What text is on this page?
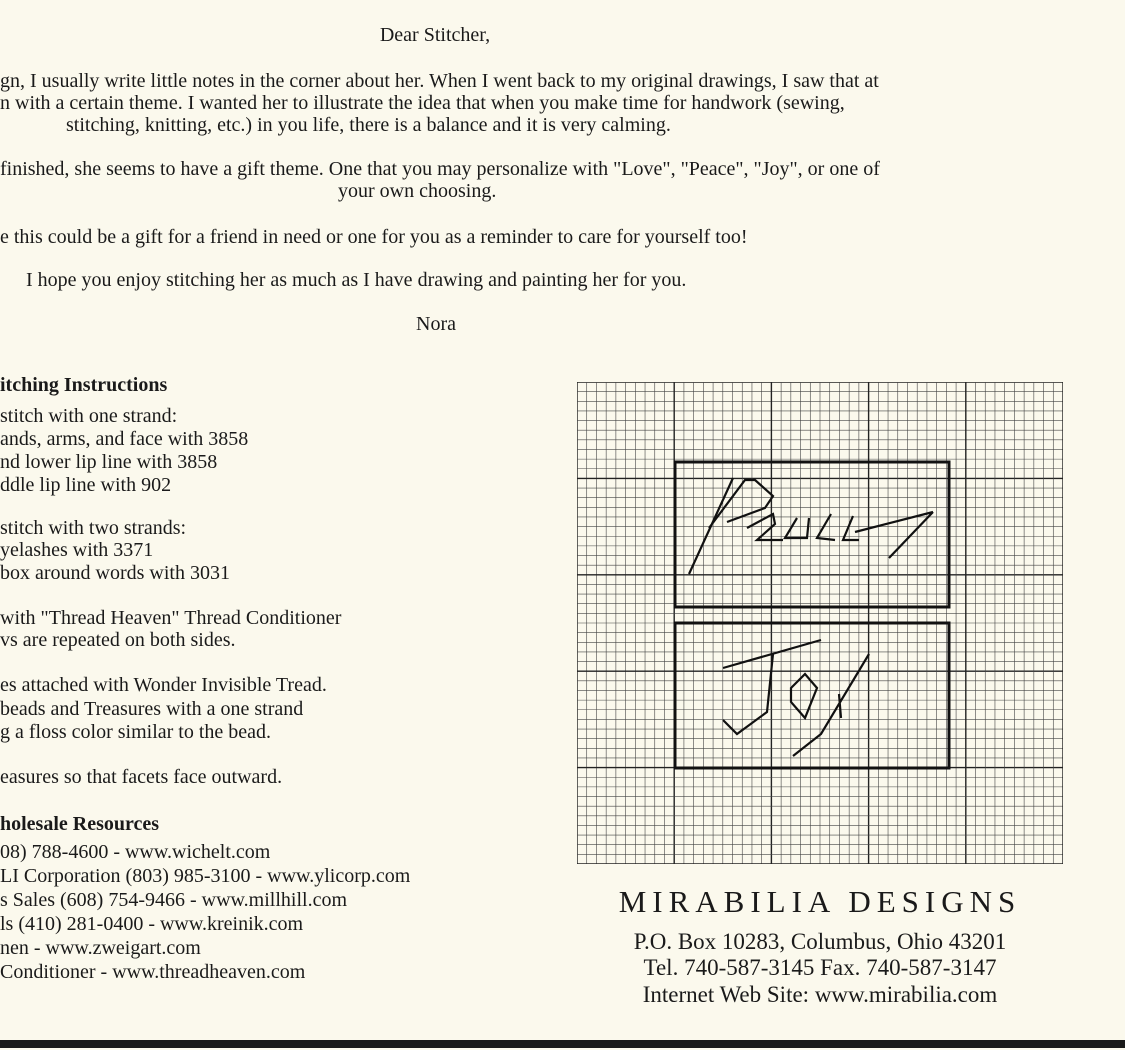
Dear Stitcher,
gn, I usually write little notes in the corner about her. When I went back to my original drawings, I saw that at
n with a certain theme. I wanted her to illustrate the idea that when you make time for handwork (sewing,
stitching, knitting, etc.) in you life, there is a balance and it is very calming.
finished, she seems to have a gift theme. One that you may personalize with "Love", "Peace", "Joy", or one of
your own choosing.
e this could be a gift for a friend in need or one for you as a reminder to care for yourself too!
I hope you enjoy stitching her as much as I have drawing and painting her for you.
Nora
itching Instructions
stitch with one strand:
ands, arms, and face with 3858
nd lower lip line with 3858
ddle lip line with 902
stitch with two strands:
yelashes with 3371
box around words with 3031
with "Thread Heaven" Thread Conditioner
vs are repeated on both sides.
es attached with Wonder Invisible Tread.
beads and Treasures with a one strand
g a floss color similar to the bead.
easures so that facets face outward.
holesale Resources
08) 788-4600 - www.wichelt.com
LI Corporation (803) 985-3100 - www.ylicorp.com
s Sales (608) 754-9466 - www.millhill.com
ls (410) 281-0400 - www.kreinik.com
nen - www.zweigart.com
Conditioner - www.threadheaven.com
MIRABILIA DESIGNS
P.O. Box 10283, Columbus, Ohio 43201
Tel. 740-587-3145 Fax. 740-587-3147
Internet Web Site: www.mirabilia.com
